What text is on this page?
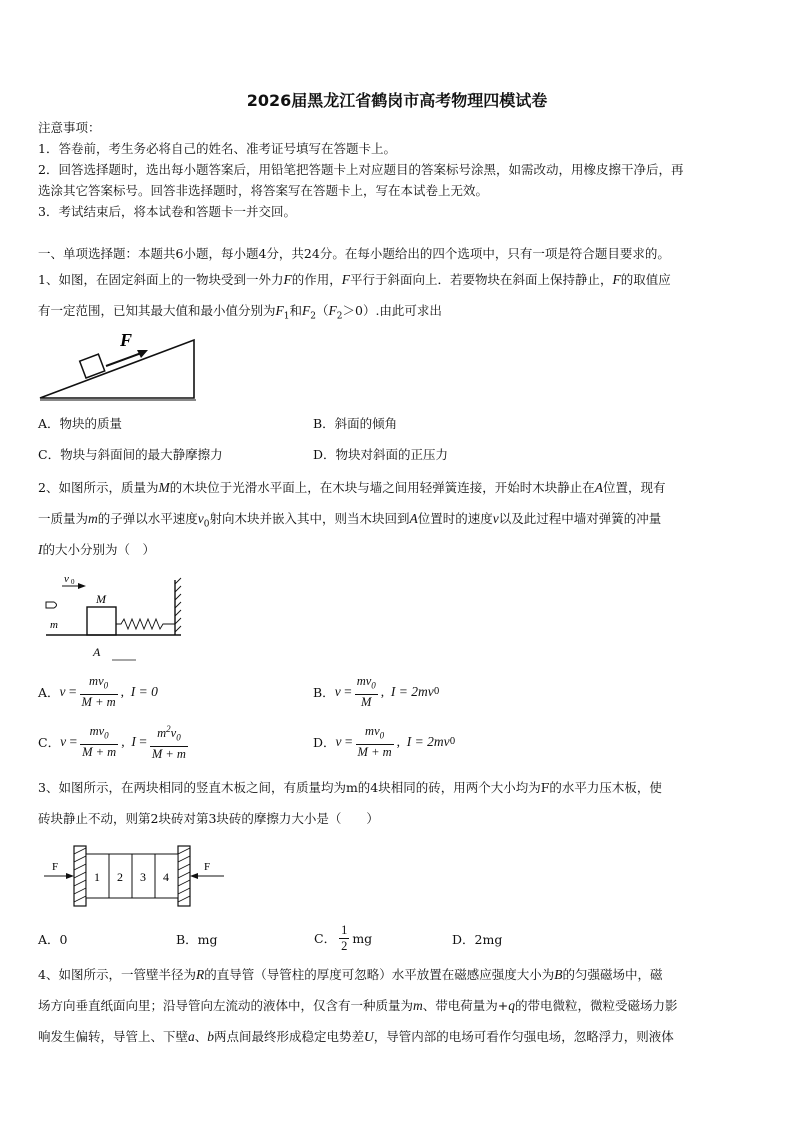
2026届黑龙江省鹤岗市高考物理四模试卷
注意事项：
1．答卷前，考生务必将自己的姓名、准考证号填写在答题卡上。
2．回答选择题时，选出每小题答案后，用铅笔把答题卡上对应题目的答案标号涂黑，如需改动，用橡皮擦干净后，再
选涂其它答案标号。回答非选择题时，将答案写在答题卡上，写在本试卷上无效。
3．考试结束后，将本试卷和答题卡一并交回。
一、单项选择题：本题共6小题，每小题4分，共24分。在每小题给出的四个选项中，只有一项是符合题目要求的。
1、如图，在固定斜面上的一物块受到一外力F的作用，F平行于斜面向上．若要物块在斜面上保持静止，F的取值应
有一定范围，已知其最大值和最小值分别为$F_1$和$F_2(F_2>0)$.由此可求出
F
A．物块的质量	B．斜面的倾角
C．物块与斜面间的最大静摩擦力	D．物块对斜面的正压力
2、如图所示，质量为M的木块位于光滑水平面上，在木块与墙之间用轻弹簧连接，开始时木块静止在A位置，现有
一质量为m的子弹以水平速度$v_0$射向木块并嵌入其中，则当木块回到A位置时的速度v以及此过程中墙对弹簧的冲量
I的大小分别为（　）
v 0
m
M
A
A． $v = \frac{mv_0}{M + m}$ , I = 0	B． $v = \frac{mv_0}{M}$ , I = 2mv 0
C． $v = \frac{mv_0}{M + m}$ , $I = \frac{m^2v_0}{M + m}$	D． $v = \frac{mv_0}{M + m}$ , I = 2mv 0
3、如图所示，在两块相同的竖直木板之间，有质量均为m的4块相同的砖，用两个大小均为F的水平力压木板，使
砖块静止不动，则第2块砖对第3块砖的摩擦力大小是（　　）
F	F
1 2 3 4
A．0	B．mg	C． $\frac{1}{2}$ mg	D．2mg
4、如图所示，一管壁半径为R的直导管（导管柱的厚度可忽略）水平放置在磁感应强度大小为B的匀强磁场中，磁
场方向垂直纸面向里；沿导管向左流动的液体中，仅含有一种质量为m、带电荷量为+q的带电微粒，微粒受磁场力影
响发生偏转，导管上、下壁a、b两点间最终形成稳定电势差U，导管内部的电场可看作匀强电场，忽略浮力，则液体
